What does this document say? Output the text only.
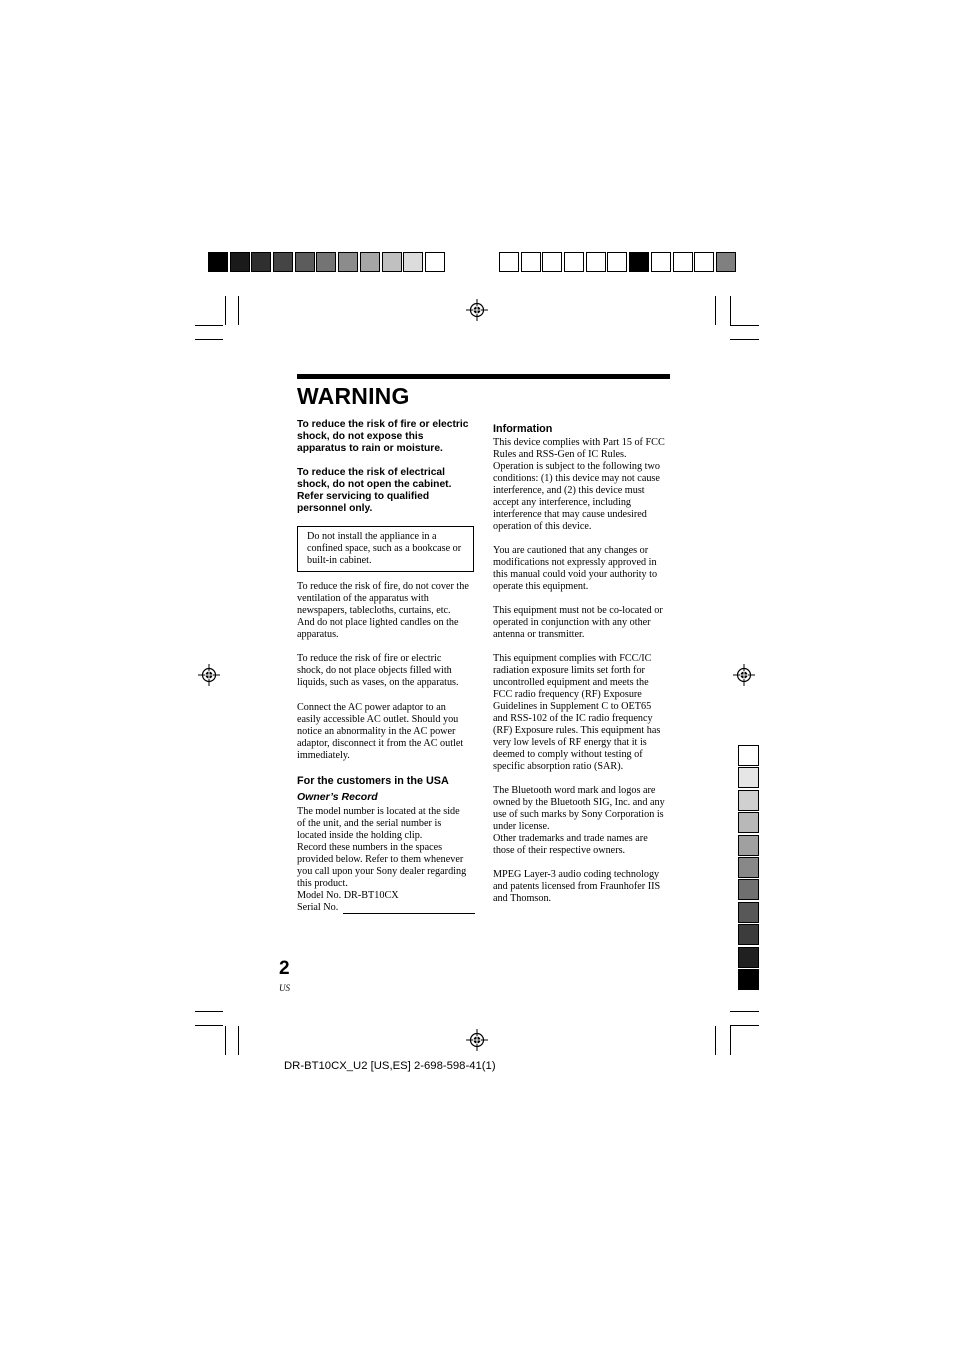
WARNING

To reduce the risk of fire or electric
shock, do not expose this
apparatus to rain or moisture.

To reduce the risk of electrical
shock, do not open the cabinet.
Refer servicing to qualified
personnel only.

Do not install the appliance in a
confined space, such as a bookcase or
built-in cabinet.

To reduce the risk of fire, do not cover the
ventilation of the apparatus with
newspapers, tablecloths, curtains, etc.
And do not place lighted candles on the
apparatus.

To reduce the risk of fire or electric
shock, do not place objects filled with
liquids, such as vases, on the apparatus.

Connect the AC power adaptor to an
easily accessible AC outlet. Should you
notice an abnormality in the AC power
adaptor, disconnect it from the AC outlet
immediately.

For the customers in the USA
Owner’s Record

The model number is located at the side
of the unit, and the serial number is
located inside the holding clip.
Record these numbers in the spaces
provided below. Refer to them whenever
you call upon your Sony dealer regarding
this product.

Model No. DR-BT10CX
Serial No.
Information

This device complies with Part 15 of FCC
Rules and RSS-Gen of IC Rules.
Operation is subject to the following two
conditions: (1) this device may not cause
interference, and (2) this device must
accept any interference, including
interference that may cause undesired
operation of this device.

You are cautioned that any changes or
modifications not expressly approved in
this manual could void your authority to
operate this equipment.

This equipment must not be co-located or
operated in conjunction with any other
antenna or transmitter.

This equipment complies with FCC/IC
radiation exposure limits set forth for
uncontrolled equipment and meets the
FCC radio frequency (RF) Exposure
Guidelines in Supplement C to OET65
and RSS-102 of the IC radio frequency
(RF) Exposure rules. This equipment has
very low levels of RF energy that it is
deemed to comply without testing of
specific absorption ratio (SAR).

The Bluetooth word mark and logos are
owned by the Bluetooth SIG, Inc. and any
use of such marks by Sony Corporation is
under license.
Other trademarks and trade names are
those of their respective owners.

MPEG Layer-3 audio coding technology
and patents licensed from Fraunhofer IIS
and Thomson.

2
US
DR-BT10CX_U2 [US,ES] 2-698-598-41(1)
